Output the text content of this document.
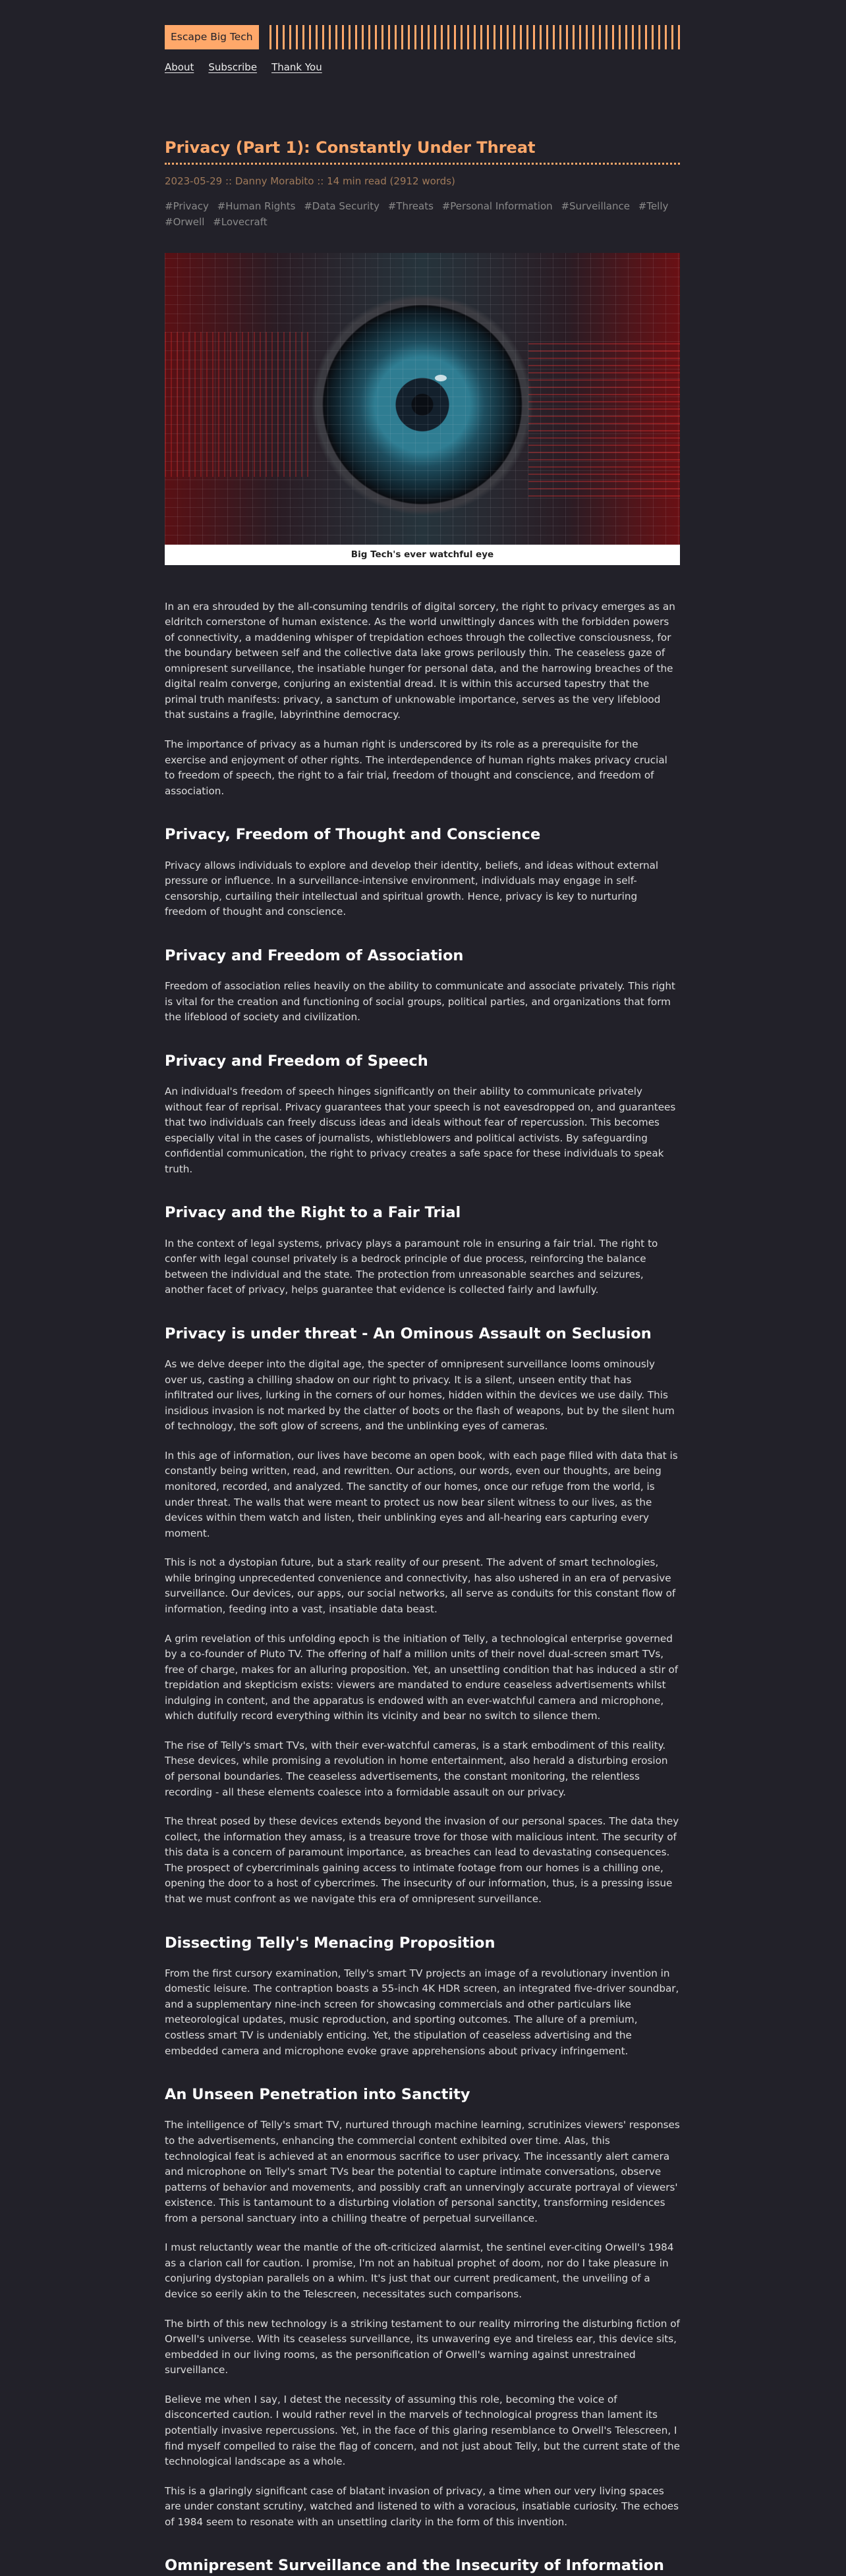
Escape Big Tech
About Subscribe Thank You
Privacy (Part 1): Constantly Under Threat
2023-05-29 :: Danny Morabito :: 14 min read (2912 words)
#Privacy #Human Rights #Data Security #Threats #Personal Information #Surveillance #Telly #Orwell #Lovecraft
Big Tech's ever watchful eye

In an era shrouded by the all-consuming tendrils of digital sorcery, the right to privacy emerges as an eldritch cornerstone of human existence. As the world unwittingly dances with the forbidden powers of connectivity, a maddening whisper of trepidation echoes through the collective consciousness, for the boundary between self and the collective data lake grows perilously thin. The ceaseless gaze of omnipresent surveillance, the insatiable hunger for personal data, and the harrowing breaches of the digital realm converge, conjuring an existential dread. It is within this accursed tapestry that the primal truth manifests: privacy, a sanctum of unknowable importance, serves as the very lifeblood that sustains a fragile, labyrinthine democracy.

The importance of privacy as a human right is underscored by its role as a prerequisite for the exercise and enjoyment of other rights. The interdependence of human rights makes privacy crucial to freedom of speech, the right to a fair trial, freedom of thought and conscience, and freedom of association.

Privacy, Freedom of Thought and Conscience

Privacy allows individuals to explore and develop their identity, beliefs, and ideas without external pressure or influence. In a surveillance-intensive environment, individuals may engage in self-censorship, curtailing their intellectual and spiritual growth. Hence, privacy is key to nurturing freedom of thought and conscience.

Privacy and Freedom of Association

Freedom of association relies heavily on the ability to communicate and associate privately. This right is vital for the creation and functioning of social groups, political parties, and organizations that form the lifeblood of society and civilization.

Privacy and Freedom of Speech

An individual's freedom of speech hinges significantly on their ability to communicate privately without fear of reprisal. Privacy guarantees that your speech is not eavesdropped on, and guarantees that two individuals can freely discuss ideas and ideals without fear of repercussion. This becomes especially vital in the cases of journalists, whistleblowers and political activists. By safeguarding confidential communication, the right to privacy creates a safe space for these individuals to speak truth.

Privacy and the Right to a Fair Trial

In the context of legal systems, privacy plays a paramount role in ensuring a fair trial. The right to confer with legal counsel privately is a bedrock principle of due process, reinforcing the balance between the individual and the state. The protection from unreasonable searches and seizures, another facet of privacy, helps guarantee that evidence is collected fairly and lawfully.

Privacy is under threat - An Ominous Assault on Seclusion

As we delve deeper into the digital age, the specter of omnipresent surveillance looms ominously over us, casting a chilling shadow on our right to privacy. It is a silent, unseen entity that has infiltrated our lives, lurking in the corners of our homes, hidden within the devices we use daily. This insidious invasion is not marked by the clatter of boots or the flash of weapons, but by the silent hum of technology, the soft glow of screens, and the unblinking eyes of cameras.

In this age of information, our lives have become an open book, with each page filled with data that is constantly being written, read, and rewritten. Our actions, our words, even our thoughts, are being monitored, recorded, and analyzed. The sanctity of our homes, once our refuge from the world, is under threat. The walls that were meant to protect us now bear silent witness to our lives, as the devices within them watch and listen, their unblinking eyes and all-hearing ears capturing every moment.

This is not a dystopian future, but a stark reality of our present. The advent of smart technologies, while bringing unprecedented convenience and connectivity, has also ushered in an era of pervasive surveillance. Our devices, our apps, our social networks, all serve as conduits for this constant flow of information, feeding into a vast, insatiable data beast.

A grim revelation of this unfolding epoch is the initiation of Telly, a technological enterprise governed by a co-founder of Pluto TV. The offering of half a million units of their novel dual-screen smart TVs, free of charge, makes for an alluring proposition. Yet, an unsettling condition that has induced a stir of trepidation and skepticism exists: viewers are mandated to endure ceaseless advertisements whilst indulging in content, and the apparatus is endowed with an ever-watchful camera and microphone, which dutifully record everything within its vicinity and bear no switch to silence them.

The rise of Telly's smart TVs, with their ever-watchful cameras, is a stark embodiment of this reality. These devices, while promising a revolution in home entertainment, also herald a disturbing erosion of personal boundaries. The ceaseless advertisements, the constant monitoring, the relentless recording - all these elements coalesce into a formidable assault on our privacy.

The threat posed by these devices extends beyond the invasion of our personal spaces. The data they collect, the information they amass, is a treasure trove for those with malicious intent. The security of this data is a concern of paramount importance, as breaches can lead to devastating consequences. The prospect of cybercriminals gaining access to intimate footage from our homes is a chilling one, opening the door to a host of cybercrimes. The insecurity of our information, thus, is a pressing issue that we must confront as we navigate this era of omnipresent surveillance.

Dissecting Telly's Menacing Proposition

From the first cursory examination, Telly's smart TV projects an image of a revolutionary invention in domestic leisure. The contraption boasts a 55-inch 4K HDR screen, an integrated five-driver soundbar, and a supplementary nine-inch screen for showcasing commercials and other particulars like meteorological updates, music reproduction, and sporting outcomes. The allure of a premium, costless smart TV is undeniably enticing. Yet, the stipulation of ceaseless advertising and the embedded camera and microphone evoke grave apprehensions about privacy infringement.

An Unseen Penetration into Sanctity

The intelligence of Telly's smart TV, nurtured through machine learning, scrutinizes viewers' responses to the advertisements, enhancing the commercial content exhibited over time. Alas, this technological feat is achieved at an enormous sacrifice to user privacy. The incessantly alert camera and microphone on Telly's smart TVs bear the potential to capture intimate conversations, observe patterns of behavior and movements, and possibly craft an unnervingly accurate portrayal of viewers' existence. This is tantamount to a disturbing violation of personal sanctity, transforming residences from a personal sanctuary into a chilling theatre of perpetual surveillance.

I must reluctantly wear the mantle of the oft-criticized alarmist, the sentinel ever-citing Orwell's 1984 as a clarion call for caution. I promise, I'm not an habitual prophet of doom, nor do I take pleasure in conjuring dystopian parallels on a whim. It's just that our current predicament, the unveiling of a device so eerily akin to the Telescreen, necessitates such comparisons.

The birth of this new technology is a striking testament to our reality mirroring the disturbing fiction of Orwell's universe. With its ceaseless surveillance, its unwavering eye and tireless ear, this device sits, embedded in our living rooms, as the personification of Orwell's warning against unrestrained surveillance.

Believe me when I say, I detest the necessity of assuming this role, becoming the voice of disconcerted caution. I would rather revel in the marvels of technological progress than lament its potentially invasive repercussions. Yet, in the face of this glaring resemblance to Orwell's Telescreen, I find myself compelled to raise the flag of concern, and not just about Telly, but the current state of the technological landscape as a whole.

This is a glaringly significant case of blatant invasion of privacy, a time when our very living spaces are under constant scrutiny, watched and listened to with a voracious, insatiable curiosity. The echoes of 1984 seem to resonate with an unsettling clarity in the form of this invention.

Omnipresent Surveillance and the Insecurity of Information
